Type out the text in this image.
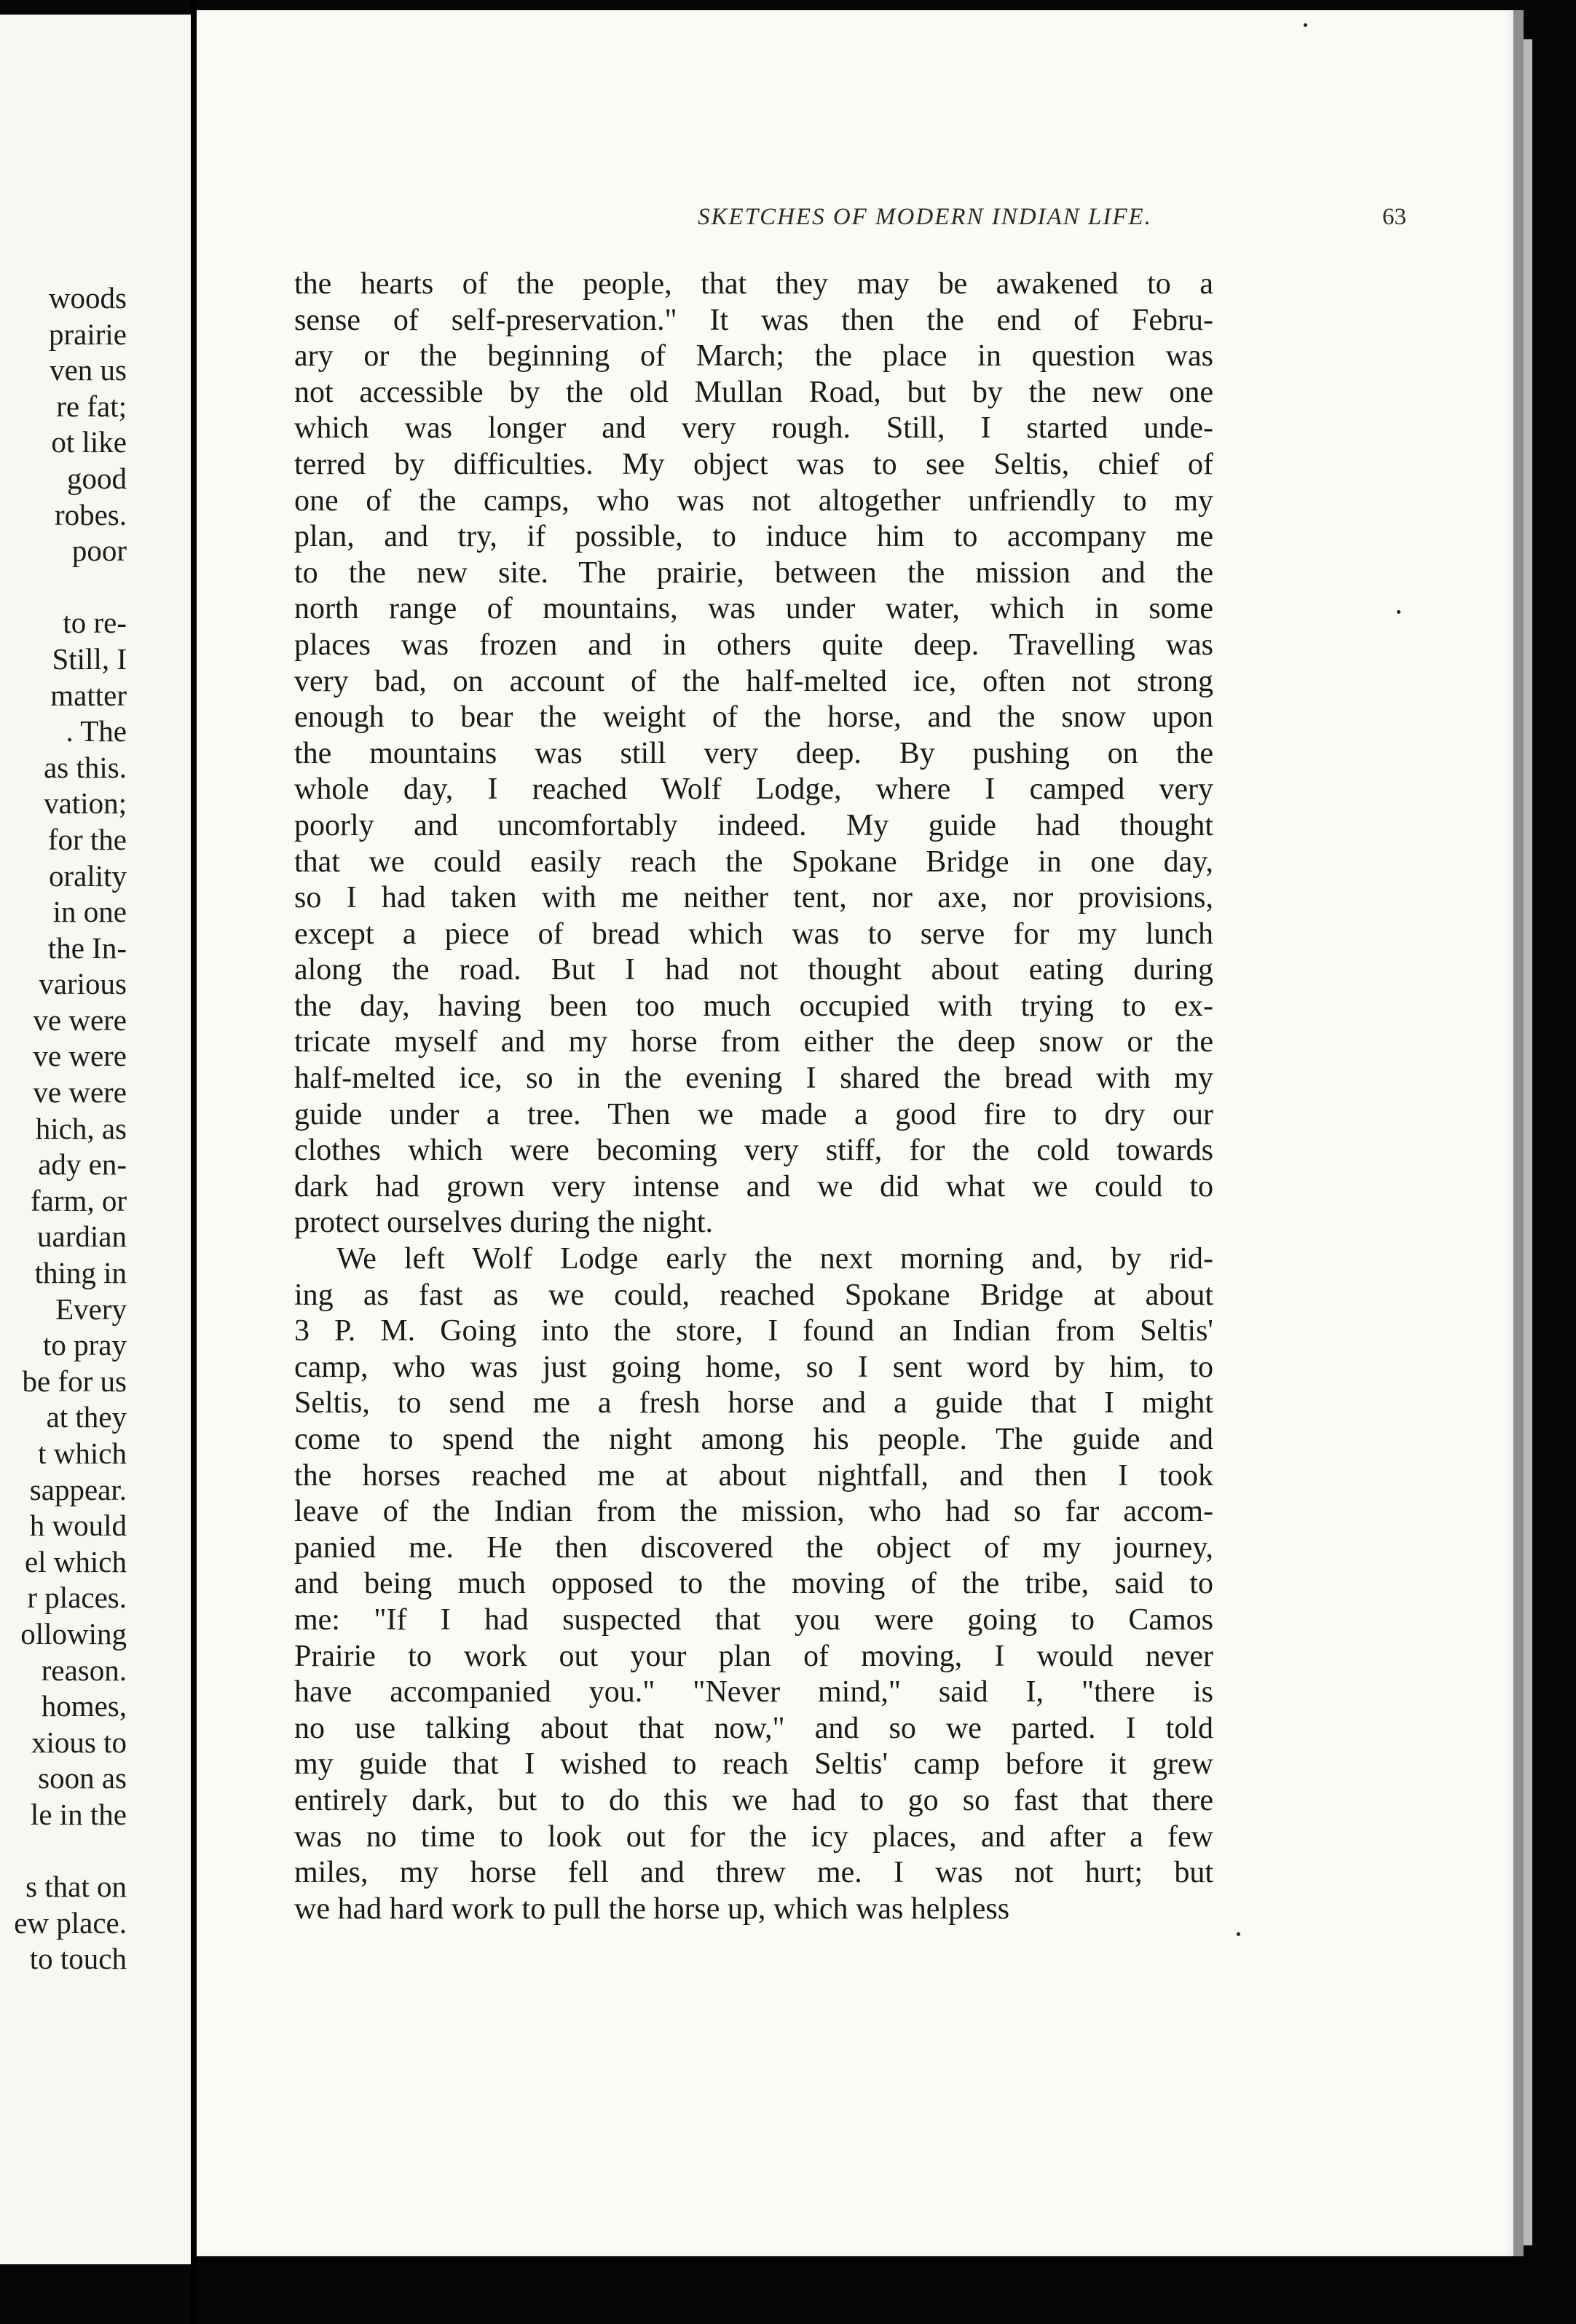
woods
prairie
ven us
re fat;
ot like
good
robes.
poor
to re-
Still, I
matter
. The
as this.
vation;
for the
orality
in one
the In-
various
ve were
ve were
ve were
hich, as
ady en-
farm, or
uardian
thing in
Every
to pray
be for us
at they
t which
sappear.
h would
el which
r places.
ollowing
reason.
homes,
xious to
soon as
le in the
s that on
ew place.
to touch
SKETCHES OF MODERN INDIAN LIFE.	63
the hearts of the people, that they may be awakened to a
sense of self-preservation." It was then the end of Febru-
ary or the beginning of March; the place in question was
not accessible by the old Mullan Road, but by the new one
which was longer and very rough. Still, I started unde-
terred by difficulties. My object was to see Seltis, chief of
one of the camps, who was not altogether unfriendly to my
plan, and try, if possible, to induce him to accompany me
to the new site. The prairie, between the mission and the
north range of mountains, was under water, which in some
places was frozen and in others quite deep. Travelling was
very bad, on account of the half-melted ice, often not strong
enough to bear the weight of the horse, and the snow upon
the mountains was still very deep. By pushing on the
whole day, I reached Wolf Lodge, where I camped very
poorly and uncomfortably indeed. My guide had thought
that we could easily reach the Spokane Bridge in one day,
so I had taken with me neither tent, nor axe, nor provisions,
except a piece of bread which was to serve for my lunch
along the road. But I had not thought about eating during
the day, having been too much occupied with trying to ex-
tricate myself and my horse from either the deep snow or the
half-melted ice, so in the evening I shared the bread with my
guide under a tree. Then we made a good fire to dry our
clothes which were becoming very stiff, for the cold towards
dark had grown very intense and we did what we could to
protect ourselves during the night.
We left Wolf Lodge early the next morning and, by rid-
ing as fast as we could, reached Spokane Bridge at about
3 P. M. Going into the store, I found an Indian from Seltis'
camp, who was just going home, so I sent word by him, to
Seltis, to send me a fresh horse and a guide that I might
come to spend the night among his people. The guide and
the horses reached me at about nightfall, and then I took
leave of the Indian from the mission, who had so far accom-
panied me. He then discovered the object of my journey,
and being much opposed to the moving of the tribe, said to
me: "If I had suspected that you were going to Camos
Prairie to work out your plan of moving, I would never
have accompanied you." "Never mind," said I, "there is
no use talking about that now," and so we parted. I told
my guide that I wished to reach Seltis' camp before it grew
entirely dark, but to do this we had to go so fast that there
was no time to look out for the icy places, and after a few
miles, my horse fell and threw me. I was not hurt; but
we had hard work to pull the horse up, which was helpless
